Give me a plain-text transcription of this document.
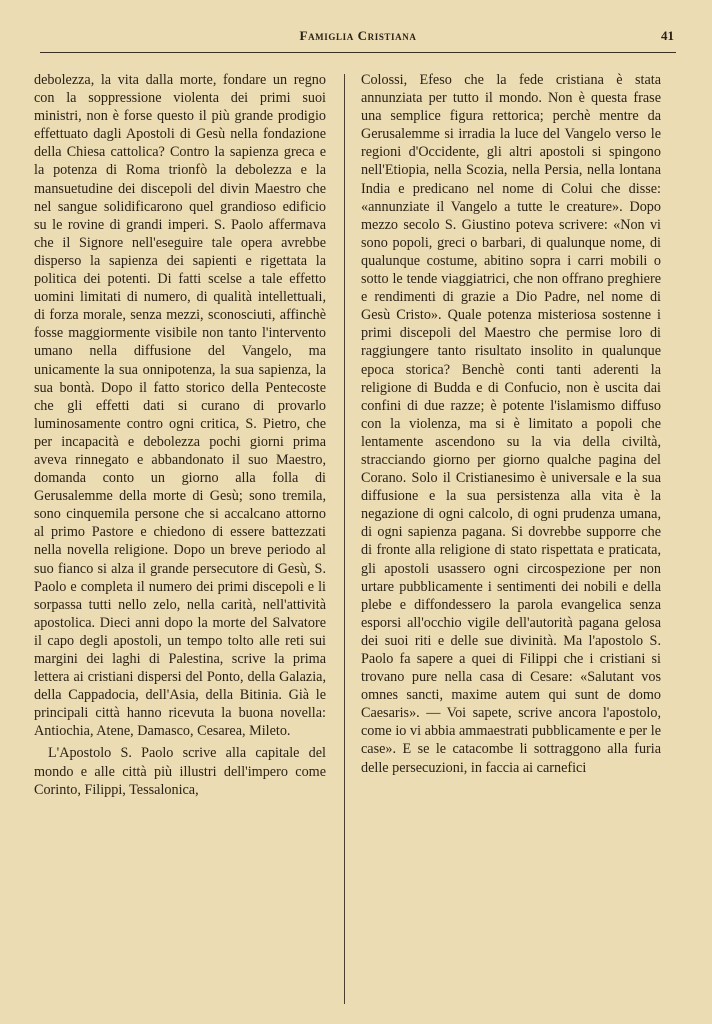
Famiglia Cristiana	41

debolezza, la vita dalla morte, fondare un regno con la soppressione violenta dei primi suoi ministri, non è forse questo il più grande prodigio effettuato dagli Apostoli di Gesù nella fondazione della Chiesa cattolica? Contro la sapienza greca e la potenza di Roma trionfò la debolezza e la mansuetudine dei discepoli del divin Maestro che nel sangue solidificarono quel grandioso edificio su le rovine di grandi imperi. S. Paolo affermava che il Signore nell'eseguire tale opera avrebbe disperso la sapienza dei sapienti e rigettata la politica dei potenti. Di fatti scelse a tale effetto uomini limitati di numero, di qualità intellettuali, di forza morale, senza mezzi, sconosciuti, affinchè fosse maggiormente visibile non tanto l'intervento umano nella diffusione del Vangelo, ma unicamente la sua onnipotenza, la sua sapienza, la sua bontà. Dopo il fatto storico della Pentecoste che gli effetti dati si curano di provarlo luminosamente contro ogni critica, S. Pietro, che per incapacità e debolezza pochi giorni prima aveva rinnegato e abbandonato il suo Maestro, domanda conto un giorno alla folla di Gerusalemme della morte di Gesù; sono tremila, sono cinquemila persone che si accalcano attorno al primo Pastore e chiedono di essere battezzati nella novella religione. Dopo un breve periodo al suo fianco si alza il grande persecutore di Gesù, S. Paolo e completa il numero dei primi discepoli e li sorpassa tutti nello zelo, nella carità, nell'attività apostolica. Dieci anni dopo la morte del Salvatore il capo degli apostoli, un tempo tolto alle reti sui margini dei laghi di Palestina, scrive la prima lettera ai cristiani dispersi del Ponto, della Galazia, della Cappadocia, dell'Asia, della Bitinia. Già le principali città hanno ricevuta la buona novella: Antiochia, Atene, Damasco, Cesarea, Mileto.

L'Apostolo S. Paolo scrive alla capitale del mondo e alle città più illustri dell'impero come Corinto, Filippi, Tessalonica,

Colossi, Efeso che la fede cristiana è stata annunziata per tutto il mondo. Non è questa frase una semplice figura rettorica; perchè mentre da Gerusalemme si irradia la luce del Vangelo verso le regioni d'Occidente, gli altri apostoli si spingono nell'Etiopia, nella Scozia, nella Persia, nella lontana India e predicano nel nome di Colui che disse: «annunziate il Vangelo a tutte le creature». Dopo mezzo secolo S. Giustino poteva scrivere: «Non vi sono popoli, greci o barbari, di qualunque nome, di qualunque costume, abitino sopra i carri mobili o sotto le tende viaggiatrici, che non offrano preghiere e rendimenti di grazie a Dio Padre, nel nome di Gesù Cristo». Quale potenza misteriosa sostenne i primi discepoli del Maestro che permise loro di raggiungere tanto risultato insolito in qualunque epoca storica? Benchè conti tanti aderenti la religione di Budda e di Confucio, non è uscita dai confini di due razze; è potente l'islamismo diffuso con la violenza, ma si è limitato a popoli che lentamente ascendono su la via della civiltà, stracciando giorno per giorno qualche pagina del Corano. Solo il Cristianesimo è universale e la sua diffusione e la sua persistenza alla vita è la negazione di ogni calcolo, di ogni prudenza umana, di ogni sapienza pagana. Si dovrebbe supporre che di fronte alla religione di stato rispettata e praticata, gli apostoli usassero ogni circospezione per non urtare pubblicamente i sentimenti dei nobili e della plebe e diffondessero la parola evangelica senza esporsi all'occhio vigile dell'autorità pagana gelosa dei suoi riti e delle sue divinità. Ma l'apostolo S. Paolo fa sapere a quei di Filippi che i cristiani si trovano pure nella casa di Cesare: «Salutant vos omnes sancti, maxime autem qui sunt de domo Caesaris». — Voi sapete, scrive ancora l'apostolo, come io vi abbia ammaestrati pubblicamente e per le case». E se le catacombe li sottraggono alla furia delle persecuzioni, in faccia ai carnefici
